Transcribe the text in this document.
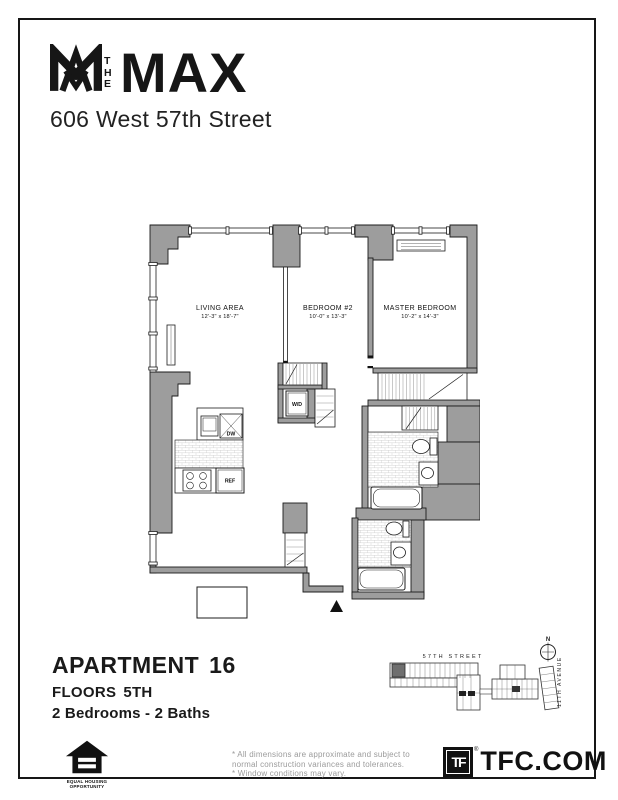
THE MAX
606 West 57th Street
LIVING AREA
12'-3" x 18'-7"
BEDROOM #2
10'-0" x 13'-3"
MASTER BEDROOM
10'-2" x 14'-3"
W/D
DW
REF
APARTMENT 16
FLOORS 5TH
2 Bedrooms - 2 Baths
57TH STREET
N
11TH AVENUE
EQUAL HOUSING OPPORTUNITY
* All dimensions are approximate and subject to
normal construction variances and tolerances.
* Window conditions may vary.
TF
® TFC.COM
